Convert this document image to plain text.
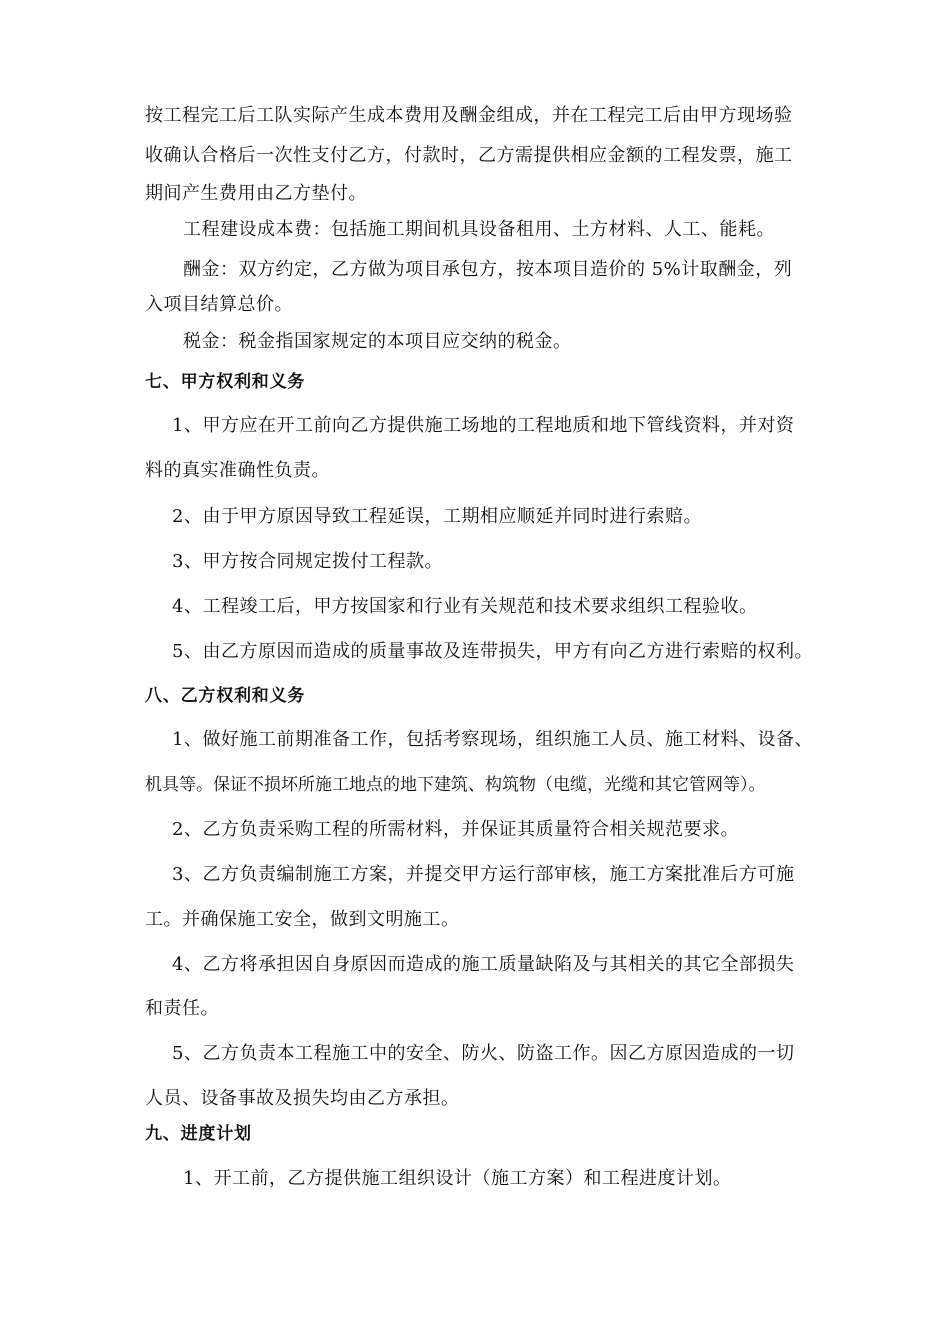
按工程完工后工队实际产生成本费用及酬金组成，并在工程完工后由甲方现场验
收确认合格后一次性支付乙方，付款时，乙方需提供相应金额的工程发票，施工
期间产生费用由乙方垫付。
工程建设成本费：包括施工期间机具设备租用、土方材料、人工、能耗。
酬金：双方约定，乙方做为项目承包方，按本项目造价的 5%计取酬金，列
入项目结算总价。
税金：税金指国家规定的本项目应交纳的税金。
七、甲方权利和义务
1、甲方应在开工前向乙方提供施工场地的工程地质和地下管线资料，并对资
料的真实准确性负责。
2、由于甲方原因导致工程延误，工期相应顺延并同时进行索赔。
3、甲方按合同规定拨付工程款。
4、工程竣工后，甲方按国家和行业有关规范和技术要求组织工程验收。
5、由乙方原因而造成的质量事故及连带损失，甲方有向乙方进行索赔的权利。
八、乙方权利和义务
1、做好施工前期准备工作，包括考察现场，组织施工人员、施工材料、设备、
机具等。保证不损坏所施工地点的地下建筑、构筑物（电缆，光缆和其它管网等）。
2、乙方负责采购工程的所需材料，并保证其质量符合相关规范要求。
3、乙方负责编制施工方案，并提交甲方运行部审核，施工方案批准后方可施
工。并确保施工安全，做到文明施工。
4、乙方将承担因自身原因而造成的施工质量缺陷及与其相关的其它全部损失
和责任。
5、乙方负责本工程施工中的安全、防火、防盗工作。因乙方原因造成的一切
人员、设备事故及损失均由乙方承担。
九、进度计划
1、开工前，乙方提供施工组织设计（施工方案）和工程进度计划。
